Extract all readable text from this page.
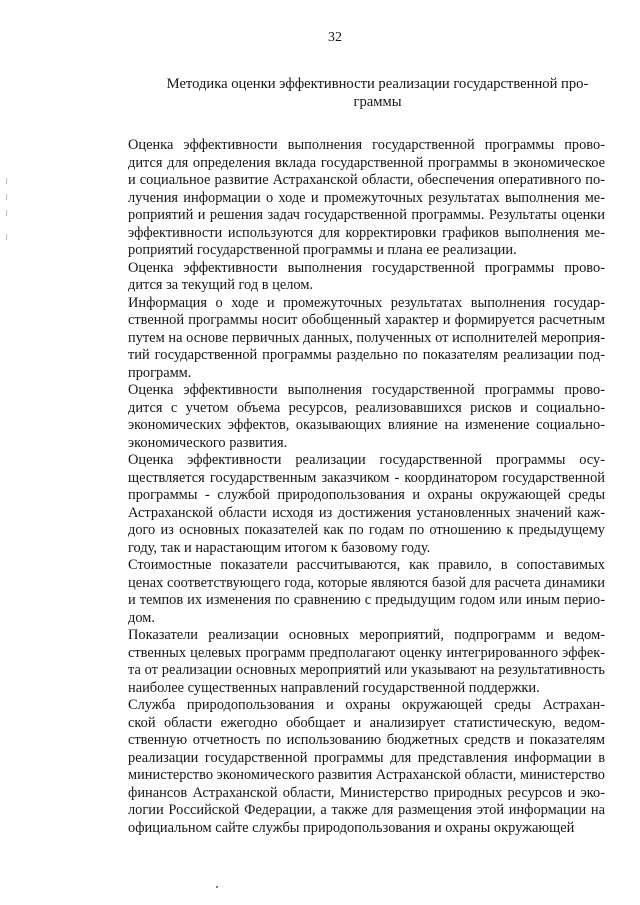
32
Методика оценки эффективности реализации государственной про-
граммы

Оценка эффективности выполнения государственной программы прово-
дится для определения вклада государственной программы в экономическое
и социальное развитие Астраханской области, обеспечения оперативного по-
лучения информации о ходе и промежуточных результатах выполнения ме-
роприятий и решения задач государственной программы. Результаты оценки
эффективности используются для корректировки графиков выполнения ме-
роприятий государственной программы и плана ее реализации.

Оценка эффективности выполнения государственной программы прово-
дится за текущий год в целом.

Информация о ходе и промежуточных результатах выполнения государ-
ственной программы носит обобщенный характер и формируется расчетным
путем на основе первичных данных, полученных от исполнителей мероприя-
тий государственной программы раздельно по показателям реализации под-
программ.

Оценка эффективности выполнения государственной программы прово-
дится с учетом объема ресурсов, реализовавшихся рисков и социально-
экономических эффектов, оказывающих влияние на изменение социально-
экономического развития.

Оценка эффективности реализации государственной программы осу-
ществляется государственным заказчиком - координатором государственной
программы - службой природопользования и охраны окружающей среды
Астраханской области исходя из достижения установленных значений каж-
дого из основных показателей как по годам по отношению к предыдущему
году, так и нарастающим итогом к базовому году.

Стоимостные показатели рассчитываются, как правило, в сопоставимых
ценах соответствующего года, которые являются базой для расчета динамики
и темпов их изменения по сравнению с предыдущим годом или иным перио-
дом.

Показатели реализации основных мероприятий, подпрограмм и ведом-
ственных целевых программ предполагают оценку интегрированного эффек-
та от реализации основных мероприятий или указывают на результативность
наиболее существенных направлений государственной поддержки.

Служба природопользования и охраны окружающей среды Астрахан-
ской области ежегодно обобщает и анализирует статистическую, ведом-
ственную отчетность по использованию бюджетных средств и показателям
реализации государственной программы для представления информации в
министерство экономического развития Астраханской области, министерство
финансов Астраханской области, Министерство природных ресурсов и эко-
логии Российской Федерации, а также для размещения этой информации на
официальном сайте службы природопользования и охраны окружающей
